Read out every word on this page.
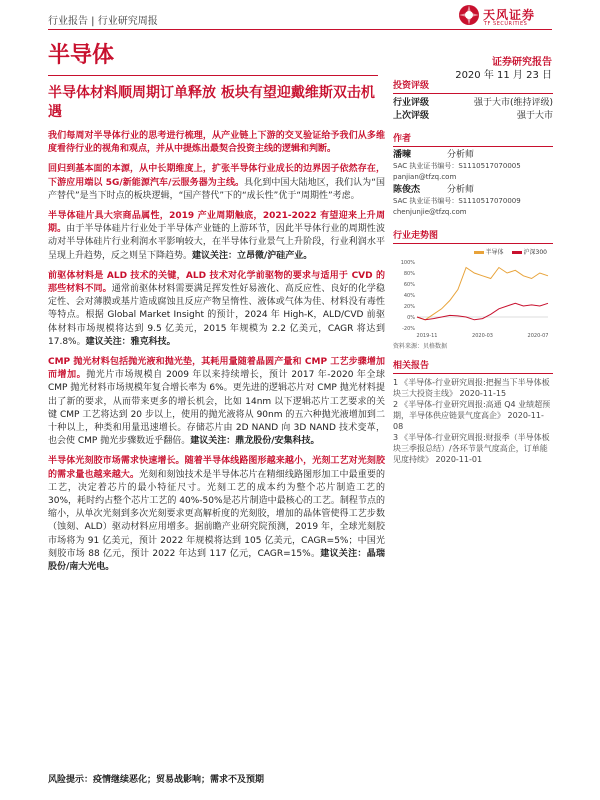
行业报告 | 行业研究周报	天风证券
TF SECURITIES
半导体	证券研究报告
2020 年 11 月 23 日
半导体材料顺周期订单释放 板块有望迎戴维斯双击机遇

我们每周对半导体行业的思考进行梳理，从产业链上下游的交叉验证给予我们从多维度看待行业的视角和观点，并从中提炼出最契合投资主线的逻辑和判断。

回归到基本面的本源，从中长期维度上，扩张半导体行业成长的边界因子依然存在，下游应用端以 5G/新能源汽车/云服务器为主线。具化到中国大陆地区，我们认为“国产替代”是当下时点的板块逻辑，“国产替代”下的“成长性”优于“周期性”考虑。

半导体硅片具大宗商品属性，2019 产业周期触底，2021-2022 有望迎来上升周期。由于半导体硅片行业处于半导体产业链的上游环节，因此半导体行业的周期性波动对半导体硅片行业利润水平影响较大，在半导体行业景气上升阶段，行业利润水平呈现上升趋势，反之则呈下降趋势。建议关注：立昂微/沪硅产业。

前驱体材料是 ALD 技术的关键，ALD 技术对化学前驱物的要求与适用于 CVD 的那些材料不同。通常前驱体材料需要满足挥发性好易液化、高反应性、良好的化学稳定性、会对薄膜或基片造成腐蚀且反应产物呈惰性、液体或气体为佳、材料没有毒性等特点。根据 Global Market Insight 的预计，2024 年 High-K，ALD/CVD 前驱体材料市场规模将达到 9.5 亿美元，2015 年规模为 2.2 亿美元，CAGR 将达到 17.8%。建议关注：雅克科技。

CMP 抛光材料包括抛光液和抛光垫，其耗用量随着晶圆产量和 CMP 工艺步骤增加而增加。抛光片市场规模自 2009 年以来持续增长，预计 2017 年-2020 年全球 CMP 抛光材料市场规模年复合增长率为 6%。更先进的逻辑芯片对 CMP 抛光材料提出了新的要求，从而带来更多的增长机会，比如 14nm 以下逻辑芯片工艺要求的关键 CMP 工艺将达到 20 步以上，使用的抛光液将从 90nm 的五六种抛光液增加到二十种以上，种类和用量迅速增长。存储芯片由 2D NAND 向 3D NAND 技术变革，也会使 CMP 抛光步骤数近乎翻倍。建议关注：鼎龙股份/安集科技。

半导体光刻胶市场需求快速增长。随着半导体线路图形越来越小，光刻工艺对光刻胶的需求量也越来越大。光刻和刻蚀技术是半导体芯片在精细线路图形加工中最重要的工艺，决定着芯片的最小特征尺寸。光刻工艺的成本约为整个芯片制造工艺的 30%，耗时约占整个芯片工艺的 40%-50%是芯片制造中最核心的工艺。制程节点的缩小，从单次光刻到多次光刻要求更高解析度的光刻胶，增加的晶体管使得工艺步数（蚀刻、ALD）驱动材料应用增多。据前瞻产业研究院预测，2019 年，全球光刻胶市场将为 91 亿美元，预计 2022 年规模将达到 105 亿美元，CAGR=5%；中国光刻胶市场 88 亿元，预计 2022 年达到 117 亿元，CAGR=15%。建议关注：晶瑞股份/南大光电。

风险提示：疫情继续恶化；贸易战影响；需求不及预期
投资评级
行业评级	强于大市(维持评级)
上次评级	强于大市
作者
潘暕	分析师
SAC 执业证书编号：S1110517070005
panjian@tfzq.com
陈俊杰	分析师
SAC 执业证书编号：S1110517070009
chenjunjie@tfzq.com
行业走势图
半导体	沪深300
100%
80%
60%
40%
20%
0%
-20%
2019-11	2020-03	2020-07
资料来源：贝格数据
相关报告
1 《半导体-行业研究周报:把握当下半导体板块三大投资主线》 2020-11-15
2 《半导体-行业研究周报:高通 Q4 业绩超预期，半导体供应链景气度高企》 2020-11-08
3 《半导体-行业研究周报:财报季（半导体板块三季报总结）/各环节景气度高企，订单能见度持续》 2020-11-01
